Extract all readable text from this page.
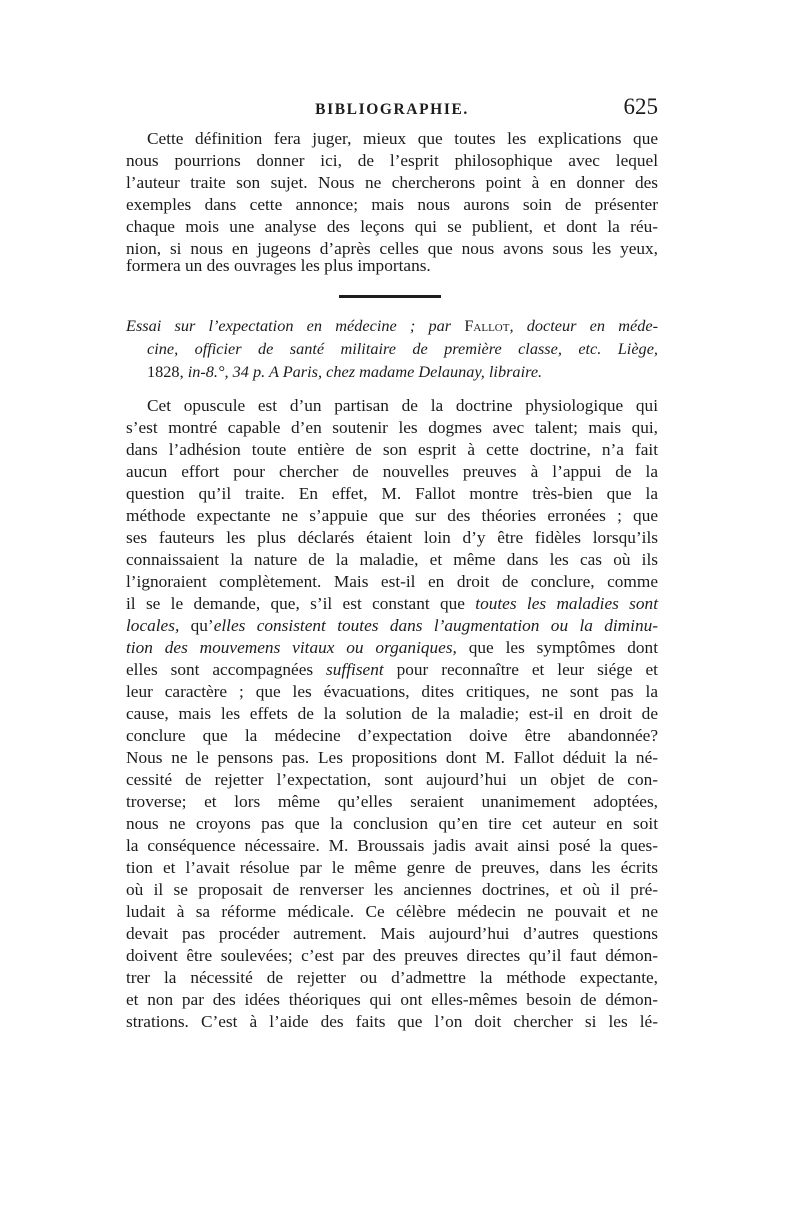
BIBLIOGRAPHIE.	625
Cette définition fera juger, mieux que toutes les explications que
nous pourrions donner ici, de l’esprit philosophique avec lequel
l’auteur traite son sujet. Nous ne chercherons point à en donner des
exemples dans cette annonce; mais nous aurons soin de présenter
chaque mois une analyse des leçons qui se publient, et dont la réu-
nion, si nous en jugeons d’après celles que nous avons sous les yeux,
formera un des ouvrages les plus importans.
Essai sur l’expectation en médecine ; par Fallot, docteur en méde-
cine, officier de santé militaire de première classe, etc. Liège,
1828, in-8.°, 34 p. A Paris, chez madame Delaunay, libraire.
Cet opuscule est d’un partisan de la doctrine physiologique qui
s’est montré capable d’en soutenir les dogmes avec talent; mais qui,
dans l’adhésion toute entière de son esprit à cette doctrine, n’a fait
aucun effort pour chercher de nouvelles preuves à l’appui de la
question qu’il traite. En effet, M. Fallot montre très-bien que la
méthode expectante ne s’appuie que sur des théories erronées ; que
ses fauteurs les plus déclarés étaient loin d’y être fidèles lorsqu’ils
connaissaient la nature de la maladie, et même dans les cas où ils
l’ignoraient complètement. Mais est-il en droit de conclure, comme
il se le demande, que, s’il est constant que toutes les maladies sont
locales, qu’elles consistent toutes dans l’augmentation ou la diminu-
tion des mouvemens vitaux ou organiques, que les symptômes dont
elles sont accompagnées suffisent pour reconnaître et leur siége et
leur caractère ; que les évacuations, dites critiques, ne sont pas la
cause, mais les effets de la solution de la maladie; est-il en droit de
conclure que la médecine d’expectation doive être abandonnée?
Nous ne le pensons pas. Les propositions dont M. Fallot déduit la né-
cessité de rejetter l’expectation, sont aujourd’hui un objet de con-
troverse; et lors même qu’elles seraient unanimement adoptées,
nous ne croyons pas que la conclusion qu’en tire cet auteur en soit
la conséquence nécessaire. M. Broussais jadis avait ainsi posé la ques-
tion et l’avait résolue par le même genre de preuves, dans les écrits
où il se proposait de renverser les anciennes doctrines, et où il pré-
ludait à sa réforme médicale. Ce célèbre médecin ne pouvait et ne
devait pas procéder autrement. Mais aujourd’hui d’autres questions
doivent être soulevées; c’est par des preuves directes qu’il faut démon-
trer la nécessité de rejetter ou d’admettre la méthode expectante,
et non par des idées théoriques qui ont elles-mêmes besoin de démon-
strations. C’est à l’aide des faits que l’on doit chercher si les lé-
